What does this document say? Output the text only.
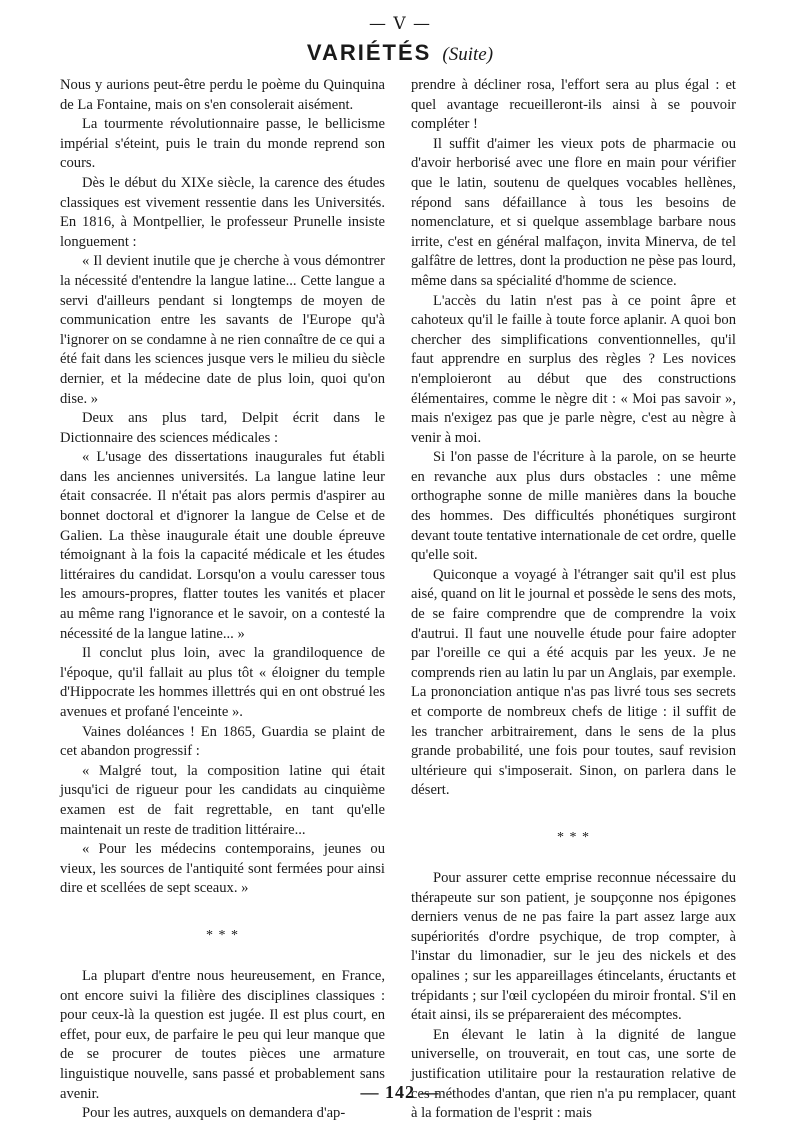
— V —
VARIÉTÉS (Suite)

Nous y aurions peut-être perdu le poème du Quinquina de La Fontaine, mais on s'en consolerait aisément.

La tourmente révolutionnaire passe, le bellicisme impérial s'éteint, puis le train du monde reprend son cours.

Dès le début du XIXe siècle, la carence des études classiques est vivement ressentie dans les Universités. En 1816, à Montpellier, le professeur Prunelle insiste longuement :

« Il devient inutile que je cherche à vous démontrer la nécessité d'entendre la langue latine... Cette langue a servi d'ailleurs pendant si longtemps de moyen de communication entre les savants de l'Europe qu'à l'ignorer on se condamne à ne rien connaître de ce qui a été fait dans les sciences jusque vers le milieu du siècle dernier, et la médecine date de plus loin, quoi qu'on dise. »

Deux ans plus tard, Delpit écrit dans le Dictionnaire des sciences médicales :

« L'usage des dissertations inaugurales fut établi dans les anciennes universités. La langue latine leur était consacrée. Il n'était pas alors permis d'aspirer au bonnet doctoral et d'ignorer la langue de Celse et de Galien. La thèse inaugurale était une double épreuve témoignant à la fois la capacité médicale et les études littéraires du candidat. Lorsqu'on a voulu caresser tous les amours-propres, flatter toutes les vanités et placer au même rang l'ignorance et le savoir, on a contesté la nécessité de la langue latine... »

Il conclut plus loin, avec la grandiloquence de l'époque, qu'il fallait au plus tôt « éloigner du temple d'Hippocrate les hommes illettrés qui en ont obstrué les avenues et profané l'enceinte ».

Vaines doléances ! En 1865, Guardia se plaint de cet abandon progressif :

« Malgré tout, la composition latine qui était jusqu'ici de rigueur pour les candidats au cinquième examen est de fait regrettable, en tant qu'elle maintenait un reste de tradition littéraire...

« Pour les médecins contemporains, jeunes ou vieux, les sources de l'antiquité sont fermées pour ainsi dire et scellées de sept sceaux. »

* * *

La plupart d'entre nous heureusement, en France, ont encore suivi la filière des disciplines classiques : pour ceux-là la question est jugée. Il est plus court, en effet, pour eux, de parfaire le peu qui leur manque que de se procurer de toutes pièces une armature linguistique nouvelle, sans passé et probablement sans avenir.

Pour les autres, auxquels on demandera d'ap-

prendre à décliner rosa, l'effort sera au plus égal : et quel avantage recueilleront-ils ainsi à se pouvoir compléter !

Il suffit d'aimer les vieux pots de pharmacie ou d'avoir herborisé avec une flore en main pour vérifier que le latin, soutenu de quelques vocables hellènes, répond sans défaillance à tous les besoins de nomenclature, et si quelque assemblage barbare nous irrite, c'est en général malfaçon, invita Minerva, de tel galfâtre de lettres, dont la production ne pèse pas lourd, même dans sa spécialité d'homme de science.

L'accès du latin n'est pas à ce point âpre et cahoteux qu'il le faille à toute force aplanir. A quoi bon chercher des simplifications conventionnelles, qu'il faut apprendre en surplus des règles ? Les novices n'emploieront au début que des constructions élémentaires, comme le nègre dit : « Moi pas savoir », mais n'exigez pas que je parle nègre, c'est au nègre à venir à moi.

Si l'on passe de l'écriture à la parole, on se heurte en revanche aux plus durs obstacles : une même orthographe sonne de mille manières dans la bouche des hommes. Des difficultés phonétiques surgiront devant toute tentative internationale de cet ordre, quelle qu'elle soit.

Quiconque a voyagé à l'étranger sait qu'il est plus aisé, quand on lit le journal et possède le sens des mots, de se faire comprendre que de comprendre la voix d'autrui. Il faut une nouvelle étude pour faire adopter par l'oreille ce qui a été acquis par les yeux. Je ne comprends rien au latin lu par un Anglais, par exemple. La prononciation antique n'as pas livré tous ses secrets et comporte de nombreux chefs de litige : il suffit de les trancher arbitrairement, dans le sens de la plus grande probabilité, une fois pour toutes, sauf revision ultérieure qui s'imposerait. Sinon, on parlera dans le désert.

* * *

Pour assurer cette emprise reconnue nécessaire du thérapeute sur son patient, je soupçonne nos épigones derniers venus de ne pas faire la part assez large aux supériorités d'ordre psychique, de trop compter, à l'instar du limonadier, sur le jeu des nickels et des opalines ; sur les appareillages étincelants, éructants et trépidants ; sur l'œil cyclopéen du miroir frontal. S'il en était ainsi, ils se prépareraient des mécomptes.

En élevant le latin à la dignité de langue universelle, on trouverait, en tout cas, une sorte de justification utilitaire pour la restauration relative de ces méthodes d'antan, que rien n'a pu remplacer, quant à la formation de l'esprit : mais

— 142 —
